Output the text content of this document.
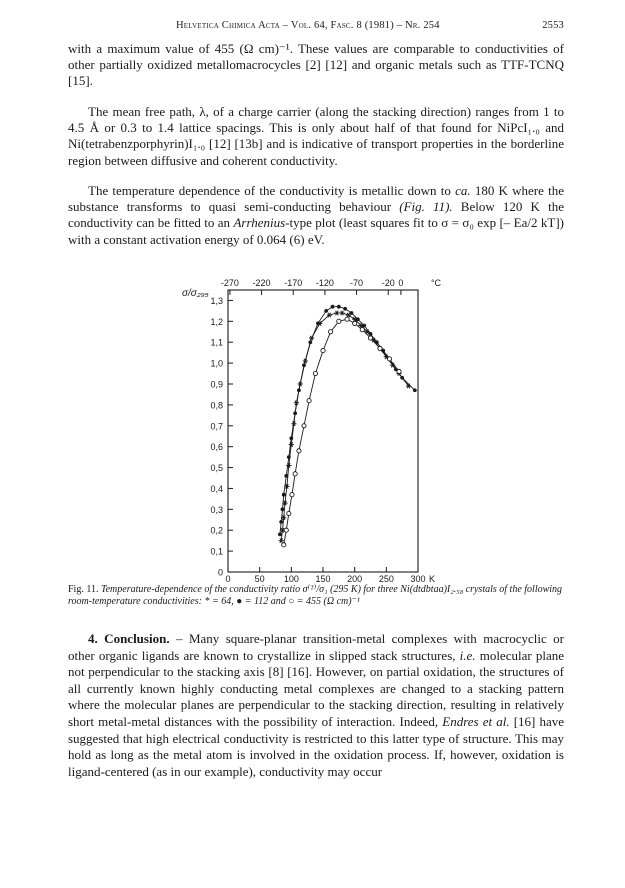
Helvetica Chimica Acta – Vol. 64, Fasc. 8 (1981) – Nr. 254	2553

with a maximum value of 455 (Ω cm)⁻¹. These values are comparable to conductivities of other partially oxidized metallomacrocycles [2] [12] and organic metals such as TTF-TCNQ [15].

The mean free path, λ, of a charge carrier (along the stacking direction) ranges from 1 to 4.5 Å or 0.3 to 1.4 lattice spacings. This is only about half of that found for NiPcI₁.₀ and Ni(tetrabenzporphyrin)I₁.₀ [12] [13b] and is indicative of transport properties in the borderline region between diffusive and coherent conductivity.

The temperature dependence of the conductivity is metallic down to ca. 180 K where the substance transforms to quasi semi-conducting behaviour (Fig. 11). Below 120 K the conductivity can be fitted to an Arrhenius-type plot (least squares fit to σ = σ₀ exp [– Ea/2 kT]) with a constant activation energy of 0.064 (6) eV.

σ/σ₂₉₅
0
0,1
0,2
0,3
0,4
0,5
0,6
0,7
0,8
0,9
1,0
1,1
1,2
1,3
0	50 100 150 200 250 300 K
-270 -220 -170 -120 -70 -20 0	°C

Fig. 11. Temperature-dependence of the conductivity ratio σ⁽ᵀ⁾/σ₁ (295 K) for three Ni(dtdbtaa)I₂.₅₈ crystals of the following room-temperature conductivities: * = 64, ● = 112 and ○ = 455 (Ω cm)⁻¹

4. Conclusion. – Many square-planar transition-metal complexes with macrocyclic or other organic ligands are known to crystallize in slipped stack structures, i.e. molecular plane not perpendicular to the stacking axis [8] [16]. However, on partial oxidation, the structures of all currently known highly conducting metal complexes are changed to a stacking pattern where the molecular planes are perpendicular to the stacking direction, resulting in relatively short metal-metal distances with the possibility of interaction. Indeed, Endres et al. [16] have suggested that high electrical conductivity is restricted to this latter type of structure. This may hold as long as the metal atom is involved in the oxidation process. If, however, oxidation is ligand-centered (as in our example), conductivity may occur
